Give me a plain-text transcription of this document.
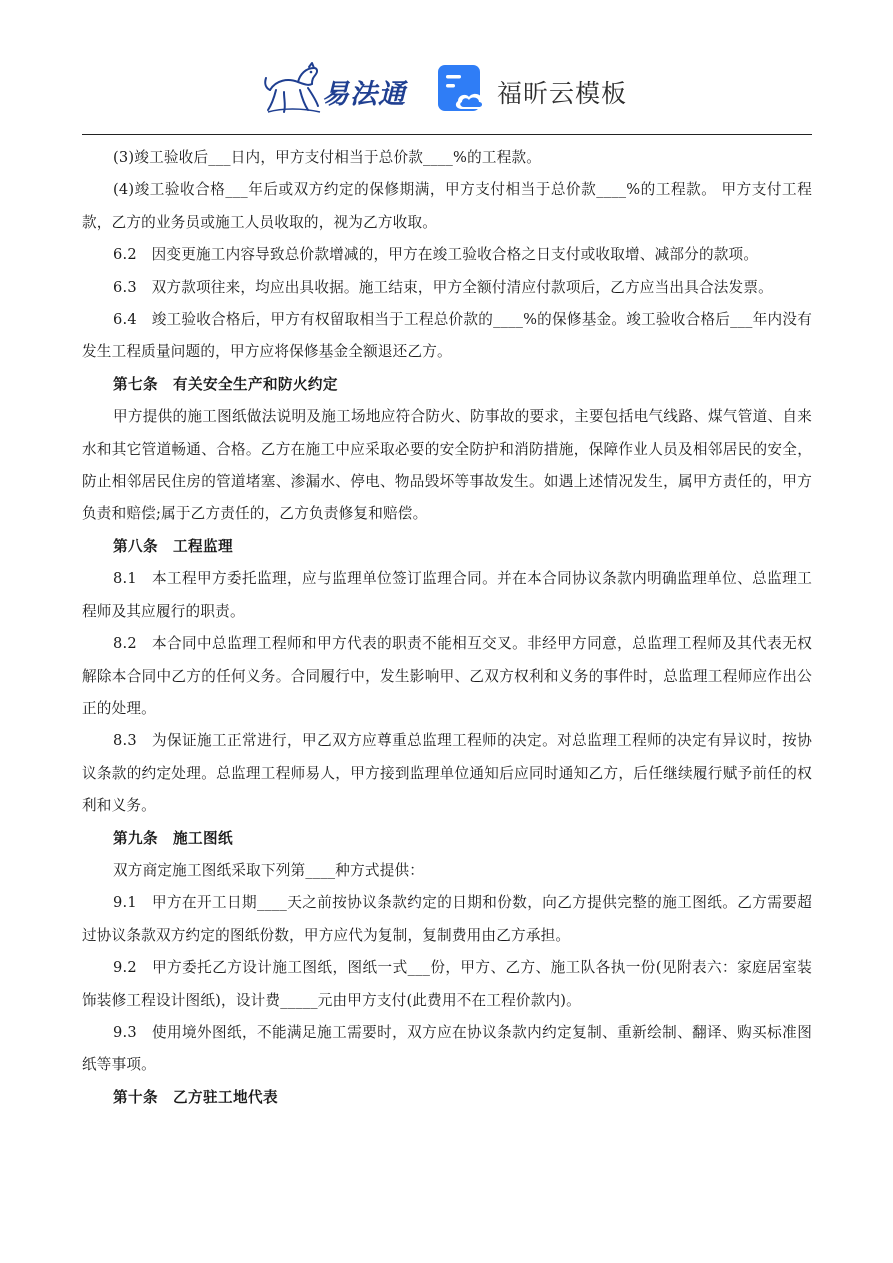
易法通	福昕云模板

(3)竣工验收后___日内，甲方支付相当于总价款____%的工程款。

(4)竣工验收合格___年后或双方约定的保修期满，甲方支付相当于总价款____%的工程款。 甲方支付工程款，乙方的业务员或施工人员收取的，视为乙方收取。

6.2　因变更施工内容导致总价款增减的，甲方在竣工验收合格之日支付或收取增、减部分的款项。

6.3　双方款项往来，均应出具收据。施工结束，甲方全额付清应付款项后，乙方应当出具合法发票。

6.4　竣工验收合格后，甲方有权留取相当于工程总价款的____%的保修基金。竣工验收合格后___年内没有发生工程质量问题的，甲方应将保修基金全额退还乙方。

第七条　有关安全生产和防火约定

甲方提供的施工图纸做法说明及施工场地应符合防火、防事故的要求，主要包括电气线路、煤气管道、自来水和其它管道畅通、合格。乙方在施工中应采取必要的安全防护和消防措施，保障作业人员及相邻居民的安全，防止相邻居民住房的管道堵塞、渗漏水、停电、物品毁坏等事故发生。如遇上述情况发生，属甲方责任的，甲方负责和赔偿;属于乙方责任的，乙方负责修复和赔偿。

第八条　工程监理

8.1　本工程甲方委托监理，应与监理单位签订监理合同。并在本合同协议条款内明确监理单位、总监理工程师及其应履行的职责。

8.2　本合同中总监理工程师和甲方代表的职责不能相互交叉。非经甲方同意，总监理工程师及其代表无权解除本合同中乙方的任何义务。合同履行中，发生影响甲、乙双方权利和义务的事件时，总监理工程师应作出公正的处理。

8.3　为保证施工正常进行，甲乙双方应尊重总监理工程师的决定。对总监理工程师的决定有异议时，按协议条款的约定处理。总监理工程师易人，甲方接到监理单位通知后应同时通知乙方，后任继续履行赋予前任的权利和义务。

第九条　施工图纸

双方商定施工图纸采取下列第____种方式提供：

9.1　甲方在开工日期____天之前按协议条款约定的日期和份数，向乙方提供完整的施工图纸。乙方需要超过协议条款双方约定的图纸份数，甲方应代为复制，复制费用由乙方承担。

9.2　甲方委托乙方设计施工图纸，图纸一式___份，甲方、乙方、施工队各执一份(见附表六：家庭居室装饰装修工程设计图纸)，设计费_____元由甲方支付(此费用不在工程价款内)。

9.3　使用境外图纸，不能满足施工需要时，双方应在协议条款内约定复制、重新绘制、翻译、购买标准图纸等事项。

第十条　乙方驻工地代表
